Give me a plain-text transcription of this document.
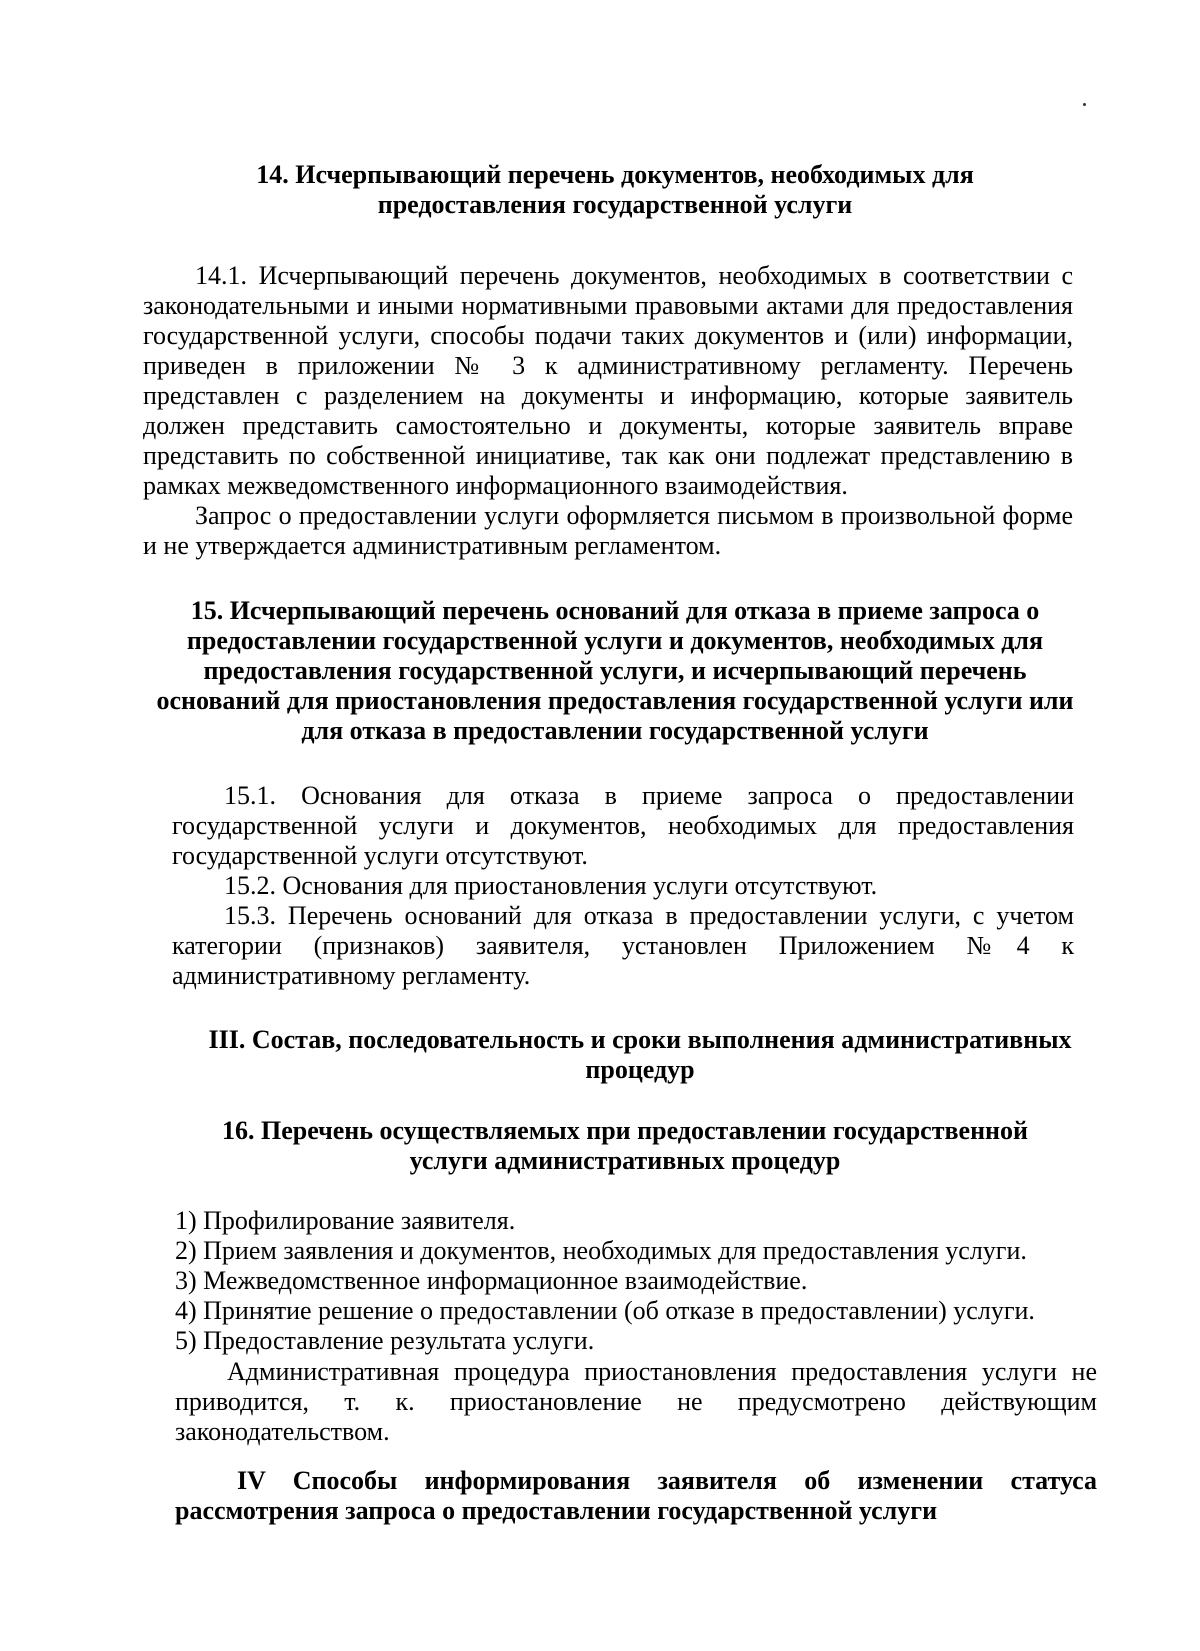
14. Исчерпывающий перечень документов, необходимых для
предоставления государственной услуги

14.1. Исчерпывающий перечень документов, необходимых в соответствии с законодательными и иными нормативными правовыми актами для предоставления государственной услуги, способы подачи таких документов и (или) информации, приведен в приложении № 3 к административному регламенту. Перечень представлен с разделением на документы и информацию, которые заявитель должен представить самостоятельно и документы, которые заявитель вправе представить по собственной инициативе, так как они подлежат представлению в рамках межведомственного информационного взаимодействия.

Запрос о предоставлении услуги оформляется письмом в произвольной форме и не утверждается административным регламентом.

15. Исчерпывающий перечень оснований для отказа в приеме запроса о
предоставлении государственной услуги и документов, необходимых для
предоставления государственной услуги, и исчерпывающий перечень
оснований для приостановления предоставления государственной услуги или
для отказа в предоставлении государственной услуги

15.1. Основания для отказа в приеме запроса о предоставлении государственной услуги и документов, необходимых для предоставления государственной услуги отсутствуют.

15.2. Основания для приостановления услуги отсутствуют.

15.3. Перечень оснований для отказа в предоставлении услуги, с учетом категории (признаков) заявителя, установлен Приложением №4 к административному регламенту.

III. Состав, последовательность и сроки выполнения административных
процедур
16. Перечень осуществляемых при предоставлении государственной
услуги административных процедур
1) Профилирование заявителя.
2) Прием заявления и документов, необходимых для предоставления услуги.
3) Межведомственное информационное взаимодействие.
4) Принятие решение о предоставлении (об отказе в предоставлении) услуги.
5) Предоставление результата услуги.

Административная процедура приостановления предоставления услуги не приводится, т. к. приостановление не предусмотрено действующим законодательством.

IV Способы информирования заявителя об изменении статуса рассмотрения запроса о предоставлении государственной услуги
